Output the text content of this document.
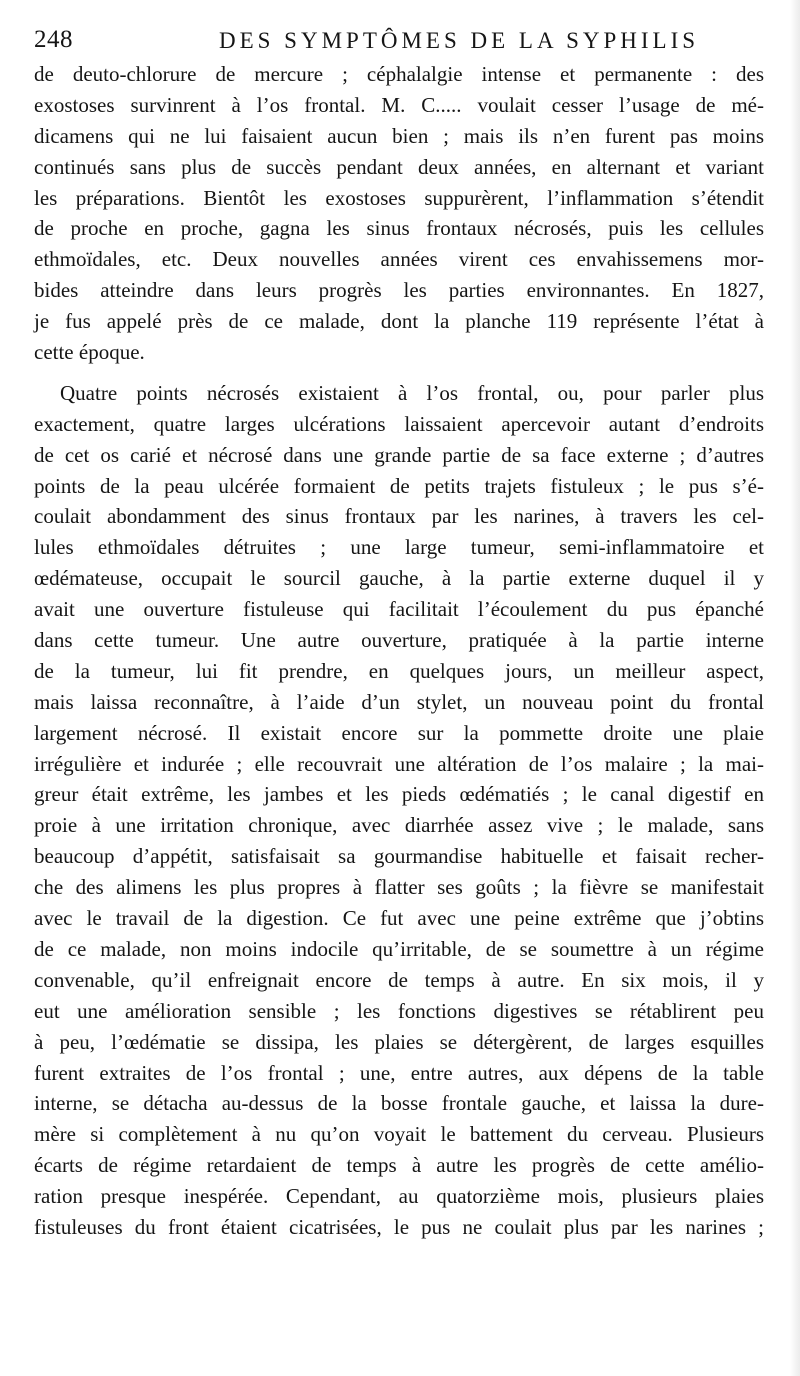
248	DES SYMPTÔMES DE LA SYPHILIS
de deuto-chlorure de mercure ; céphalalgie intense et permanente : des
exostoses survinrent à l’os frontal. M. C..... voulait cesser l’usage de mé-
dicamens qui ne lui faisaient aucun bien ; mais ils n’en furent pas moins
continués sans plus de succès pendant deux années, en alternant et variant
les préparations. Bientôt les exostoses suppurèrent, l’inflammation s’étendit
de proche en proche, gagna les sinus frontaux nécrosés, puis les cellules
ethmoïdales, etc. Deux nouvelles années virent ces envahissemens mor-
bides atteindre dans leurs progrès les parties environnantes. En 1827,
je fus appelé près de ce malade, dont la planche 119 représente l’état à
cette époque.
Quatre points nécrosés existaient à l’os frontal, ou, pour parler plus
exactement, quatre larges ulcérations laissaient apercevoir autant d’endroits
de cet os carié et nécrosé dans une grande partie de sa face externe ; d’autres
points de la peau ulcérée formaient de petits trajets fistuleux ; le pus s’é-
coulait abondamment des sinus frontaux par les narines, à travers les cel-
lules ethmoïdales détruites ; une large tumeur, semi-inflammatoire et
œdémateuse, occupait le sourcil gauche, à la partie externe duquel il y
avait une ouverture fistuleuse qui facilitait l’écoulement du pus épanché
dans cette tumeur. Une autre ouverture, pratiquée à la partie interne
de la tumeur, lui fit prendre, en quelques jours, un meilleur aspect,
mais laissa reconnaître, à l’aide d’un stylet, un nouveau point du frontal
largement nécrosé. Il existait encore sur la pommette droite une plaie
irrégulière et indurée ; elle recouvrait une altération de l’os malaire ; la mai-
greur était extrême, les jambes et les pieds œdématiés ; le canal digestif en
proie à une irritation chronique, avec diarrhée assez vive ; le malade, sans
beaucoup d’appétit, satisfaisait sa gourmandise habituelle et faisait recher-
che des alimens les plus propres à flatter ses goûts ; la fièvre se manifestait
avec le travail de la digestion. Ce fut avec une peine extrême que j’obtins
de ce malade, non moins indocile qu’irritable, de se soumettre à un régime
convenable, qu’il enfreignait encore de temps à autre. En six mois, il y
eut une amélioration sensible ; les fonctions digestives se rétablirent peu
à peu, l’œdématie se dissipa, les plaies se détergèrent, de larges esquilles
furent extraites de l’os frontal ; une, entre autres, aux dépens de la table
interne, se détacha au-dessus de la bosse frontale gauche, et laissa la dure-
mère si complètement à nu qu’on voyait le battement du cerveau. Plusieurs
écarts de régime retardaient de temps à autre les progrès de cette amélio-
ration presque inespérée. Cependant, au quatorzième mois, plusieurs plaies
fistuleuses du front étaient cicatrisées, le pus ne coulait plus par les narines ;
